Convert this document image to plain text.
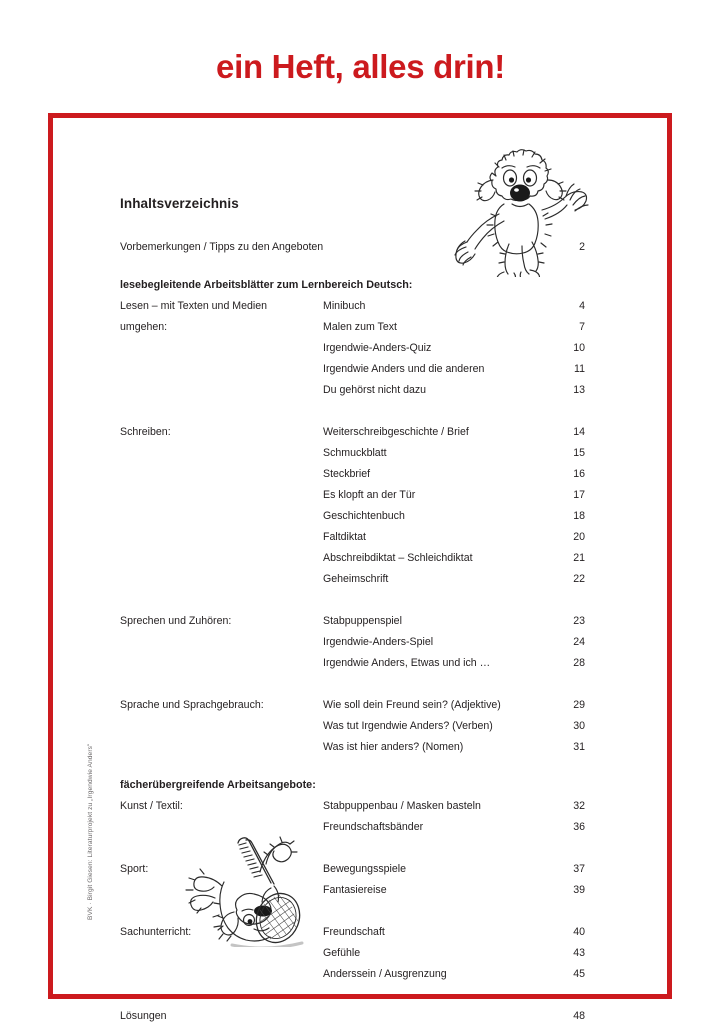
ein Heft, alles drin!
BVK · Birgit Giesen: Literaturprojekt zu „Irgendwie Anders"
Inhaltsverzeichnis
Vorbemerkungen / Tipps zu den Angeboten	2
lesebegleitende Arbeitsblätter zum Lernbereich Deutsch:
Lesen – mit Texten und Medien	Minibuch	4
umgehen:	Malen zum Text	7
Irgendwie-Anders-Quiz	10
Irgendwie Anders und die anderen	11
Du gehörst nicht dazu	13
Schreiben:	Weiterschreibgeschichte / Brief	14
Schmuckblatt	15
Steckbrief	16
Es klopft an der Tür	17
Geschichtenbuch	18
Faltdiktat	20
Abschreibdiktat – Schleichdiktat	21
Geheimschrift	22
Sprechen und Zuhören:	Stabpuppenspiel	23
Irgendwie-Anders-Spiel	24
Irgendwie Anders, Etwas und ich …	28
Sprache und Sprachgebrauch:	Wie soll dein Freund sein? (Adjektive)	29
Was tut Irgendwie Anders? (Verben)	30
Was ist hier anders? (Nomen)	31
fächerübergreifende Arbeitsangebote:
Kunst / Textil:	Stabpuppenbau / Masken basteln	32
Freundschaftsbänder	36
Sport:	Bewegungsspiele	37
Fantasiereise	39
Sachunterricht:	Freundschaft	40
Gefühle	43
Anderssein / Ausgrenzung	45
Lösungen	48
